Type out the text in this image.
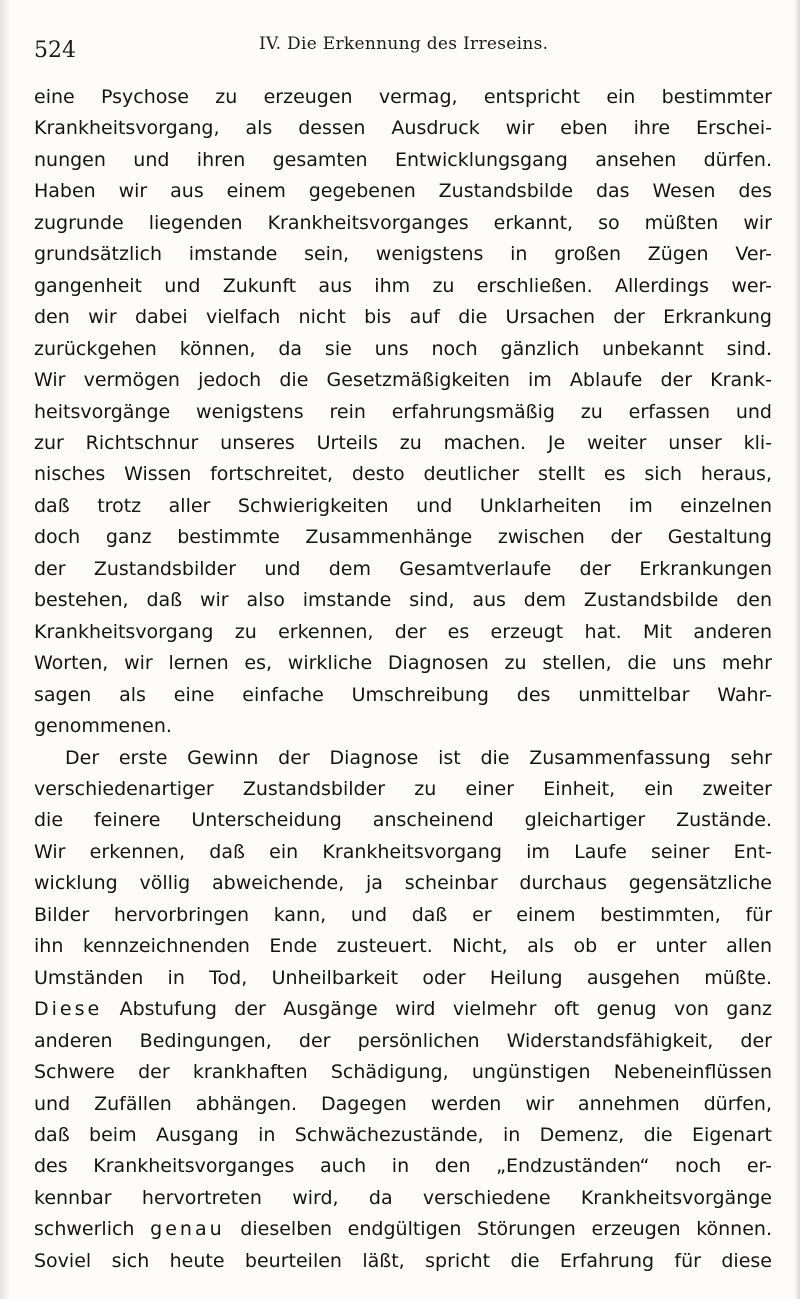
524	IV. Die Erkennung des Irreseins.
eine Psychose zu erzeugen vermag, entspricht ein bestimmter
Krankheitsvorgang, als dessen Ausdruck wir eben ihre Erschei-
nungen und ihren gesamten Entwicklungsgang ansehen dürfen.
Haben wir aus einem gegebenen Zustandsbilde das Wesen des
zugrunde liegenden Krankheitsvorganges erkannt, so müßten wir
grundsätzlich imstande sein, wenigstens in großen Zügen Ver-
gangenheit und Zukunft aus ihm zu erschließen. Allerdings wer-
den wir dabei vielfach nicht bis auf die Ursachen der Erkrankung
zurückgehen können, da sie uns noch gänzlich unbekannt sind.
Wir vermögen jedoch die Gesetzmäßigkeiten im Ablaufe der Krank-
heitsvorgänge wenigstens rein erfahrungsmäßig zu erfassen und
zur Richtschnur unseres Urteils zu machen. Je weiter unser kli-
nisches Wissen fortschreitet, desto deutlicher stellt es sich heraus,
daß trotz aller Schwierigkeiten und Unklarheiten im einzelnen
doch ganz bestimmte Zusammenhänge zwischen der Gestaltung
der Zustandsbilder und dem Gesamtverlaufe der Erkrankungen
bestehen, daß wir also imstande sind, aus dem Zustandsbilde den
Krankheitsvorgang zu erkennen, der es erzeugt hat. Mit anderen
Worten, wir lernen es, wirkliche Diagnosen zu stellen, die uns mehr
sagen als eine einfache Umschreibung des unmittelbar Wahr-
genommenen.
Der erste Gewinn der Diagnose ist die Zusammenfassung sehr
verschiedenartiger Zustandsbilder zu einer Einheit, ein zweiter
die feinere Unterscheidung anscheinend gleichartiger Zustände.
Wir erkennen, daß ein Krankheitsvorgang im Laufe seiner Ent-
wicklung völlig abweichende, ja scheinbar durchaus gegensätzliche
Bilder hervorbringen kann, und daß er einem bestimmten, für
ihn kennzeichnenden Ende zusteuert. Nicht, als ob er unter allen
Umständen in Tod, Unheilbarkeit oder Heilung ausgehen müßte.
Diese Abstufung der Ausgänge wird vielmehr oft genug von ganz
anderen Bedingungen, der persönlichen Widerstandsfähigkeit, der
Schwere der krankhaften Schädigung, ungünstigen Nebeneinflüssen
und Zufällen abhängen. Dagegen werden wir annehmen dürfen,
daß beim Ausgang in Schwächezustände, in Demenz, die Eigenart
des Krankheitsvorganges auch in den „Endzuständen“ noch er-
kennbar hervortreten wird, da verschiedene Krankheitsvorgänge
schwerlich genau dieselben endgültigen Störungen erzeugen können.
Soviel sich heute beurteilen läßt, spricht die Erfahrung für diese
